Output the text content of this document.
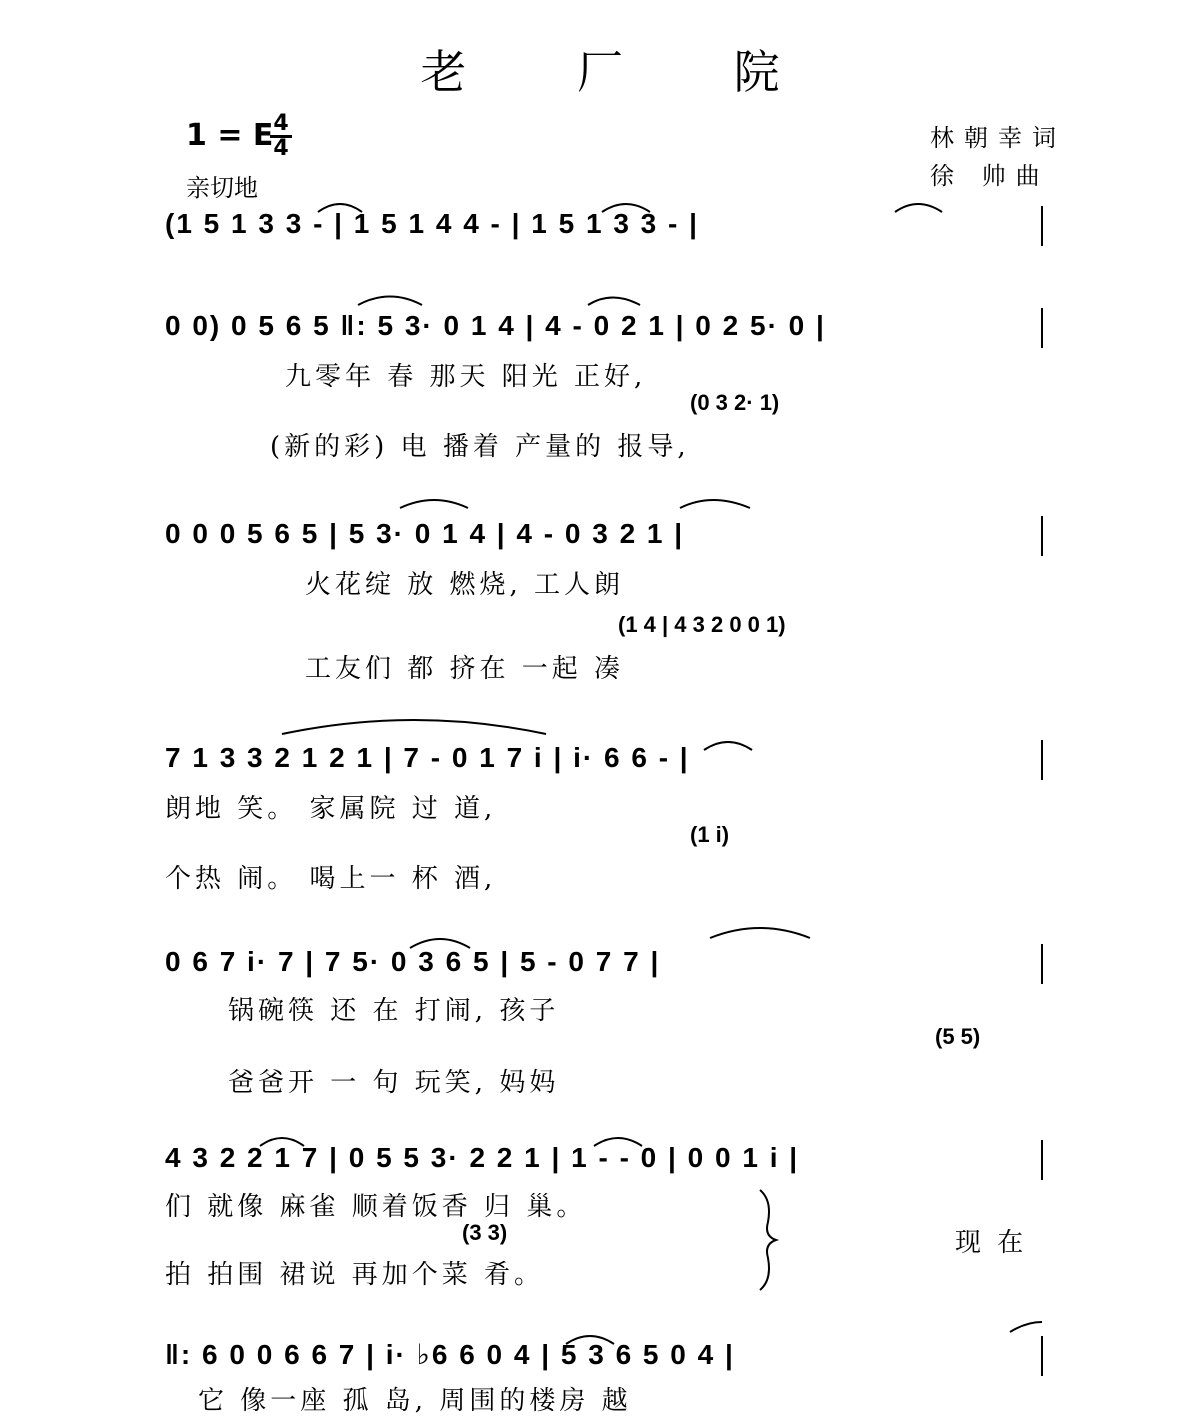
老 厂 院
1 = E 4
4
亲切地
林朝幸词
徐 帅曲
(1 5 1 3 3 - | 1 5 1 4 4 - | 1 5 1 3 3 - |
0 0) 0 5 6 5 ‖: 5 3· 0 1 4 | 4 - 0 2 1 | 0 2 5· 0 |
九零年 春 那天 阳光 正好,
(0 3 2· 1)
(新的彩) 电 播着 产量的 报导,
0 0 0 5 6 5 | 5 3· 0 1 4 | 4 - 0 3 2 1 |
火花绽 放 燃烧, 工人朗
(1 4 | 4 3 2 0 0 1)
工友们 都 挤在 一起 凑
7 1 3 3 2 1 2 1 | 7 - 0 1 7 i | i· 6 6 - |
朗地 笑。 家属院 过 道,
(1 i)
个热 闹。 喝上一 杯 酒,
0 6 7 i· 7 | 7 5· 0 3 6 5 | 5 - 0 7 7 |
锅碗筷 还 在 打闹, 孩子
(5 5)
爸爸开 一 句 玩笑, 妈妈
4 3 2 2 1 7 | 0 5 5 3· 2 2 1 | 1 - - 0 | 0 0 1 i |
们 就像 麻雀 顺着饭香 归 巢。
(3 3)	现 在
拍 拍围 裙说 再加个菜 肴。
‖: 6 0 0 6 6 7 | i· ♭6 6 0 4 | 5 3 6 5 0 4 |
它 像一座 孤 岛, 周围的楼房 越
